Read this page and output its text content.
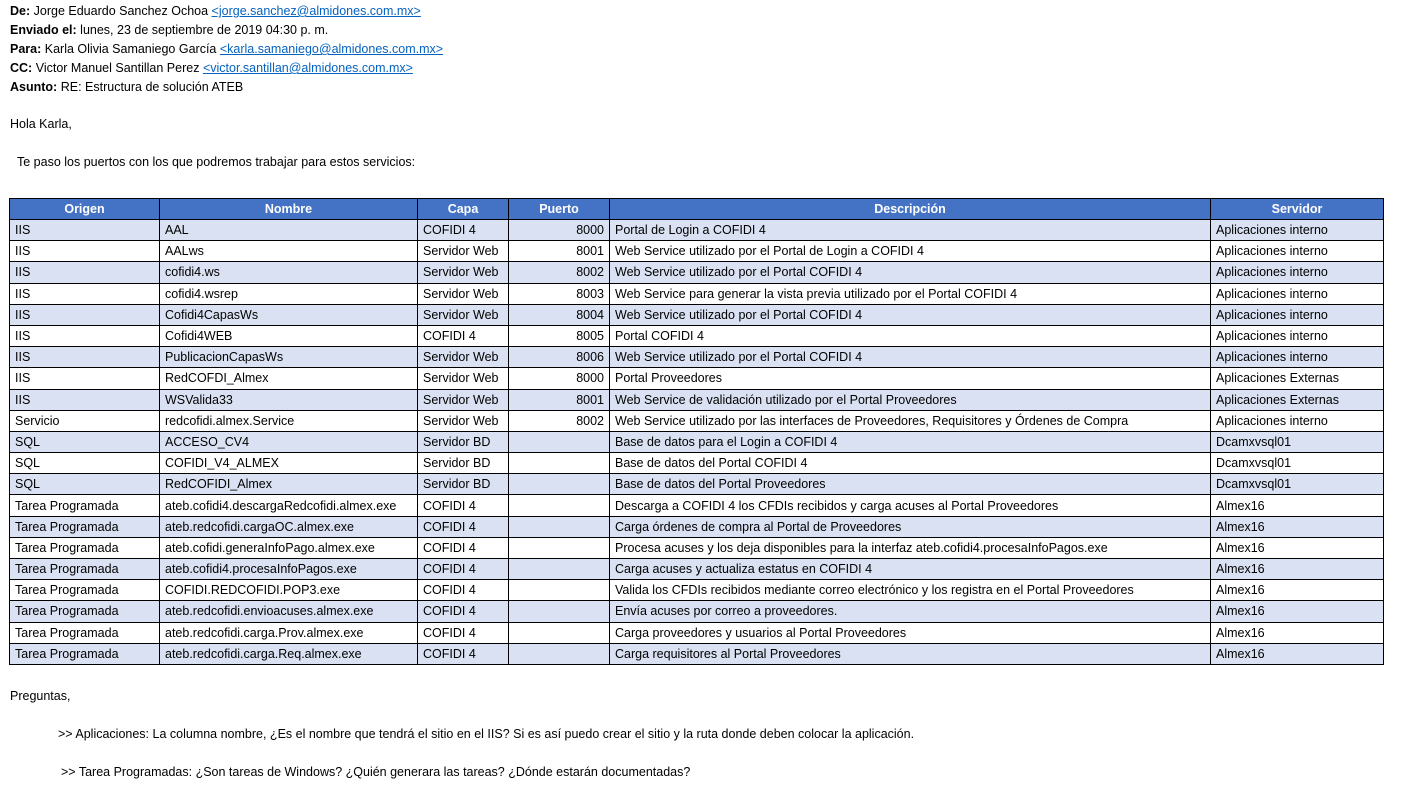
De: Jorge Eduardo Sanchez Ochoa <jorge.sanchez@almidones.com.mx>
Enviado el: lunes, 23 de septiembre de 2019 04:30 p. m.
Para: Karla Olivia Samaniego García <karla.samaniego@almidones.com.mx>
CC: Victor Manuel Santillan Perez <victor.santillan@almidones.com.mx>
Asunto: RE: Estructura de solución ATEB
Hola Karla,
Te paso los puertos con los que podremos trabajar para estos servicios:
Origen	Nombre	Capa	Puerto	Descripción	Servidor
IIS	AAL	COFIDI 4	8000	Portal de Login a COFIDI 4	Aplicaciones interno
IIS	AALws	Servidor Web	8001	Web Service utilizado por el Portal de Login a COFIDI 4	Aplicaciones interno
IIS	cofidi4.ws	Servidor Web	8002	Web Service utilizado por el Portal COFIDI 4	Aplicaciones interno
IIS	cofidi4.wsrep	Servidor Web	8003	Web Service para generar la vista previa utilizado por el Portal COFIDI 4	Aplicaciones interno
IIS	Cofidi4CapasWs	Servidor Web	8004	Web Service utilizado por el Portal COFIDI 4	Aplicaciones interno
IIS	Cofidi4WEB	COFIDI 4	8005	Portal COFIDI 4	Aplicaciones interno
IIS	PublicacionCapasWs	Servidor Web	8006	Web Service utilizado por el Portal COFIDI 4	Aplicaciones interno
IIS	RedCOFDI_Almex	Servidor Web	8000	Portal Proveedores	Aplicaciones Externas
IIS	WSValida33	Servidor Web	8001	Web Service de validación utilizado por el Portal Proveedores	Aplicaciones Externas
Servicio	redcofidi.almex.Service	Servidor Web	8002	Web Service utilizado por las interfaces de Proveedores, Requisitores y Órdenes de Compra	Aplicaciones interno
SQL	ACCESO_CV4	Servidor BD		Base de datos para el Login a COFIDI 4	Dcamxvsql01
SQL	COFIDI_V4_ALMEX	Servidor BD		Base de datos del Portal COFIDI 4	Dcamxvsql01
SQL	RedCOFIDI_Almex	Servidor BD		Base de datos del Portal Proveedores	Dcamxvsql01
Tarea Programada	ateb.cofidi4.descargaRedcofidi.almex.exe	COFIDI 4		Descarga a COFIDI 4 los CFDIs recibidos y carga acuses al Portal Proveedores	Almex16
Tarea Programada	ateb.redcofidi.cargaOC.almex.exe	COFIDI 4		Carga órdenes de compra al Portal de Proveedores	Almex16
Tarea Programada	ateb.cofidi.generaInfoPago.almex.exe	COFIDI 4		Procesa acuses y los deja disponibles para la interfaz ateb.cofidi4.procesaInfoPagos.exe	Almex16
Tarea Programada	ateb.cofidi4.procesaInfoPagos.exe	COFIDI 4		Carga acuses y actualiza estatus en COFIDI 4	Almex16
Tarea Programada	COFIDI.REDCOFIDI.POP3.exe	COFIDI 4		Valida los CFDIs recibidos mediante correo electrónico y los registra en el Portal Proveedores	Almex16
Tarea Programada	ateb.redcofidi.envioacuses.almex.exe	COFIDI 4		Envía acuses por correo a proveedores.	Almex16
Tarea Programada	ateb.redcofidi.carga.Prov.almex.exe	COFIDI 4		Carga proveedores y usuarios al Portal Proveedores	Almex16
Tarea Programada	ateb.redcofidi.carga.Req.almex.exe	COFIDI 4		Carga requisitores al Portal Proveedores	Almex16
Preguntas,
>> Aplicaciones: La columna nombre, ¿Es el nombre que tendrá el sitio en el IIS? Si es así puedo crear el sitio y la ruta donde deben colocar la aplicación.
>> Tarea Programadas: ¿Son tareas de Windows? ¿Quién generara las tareas? ¿Dónde estarán documentadas?
